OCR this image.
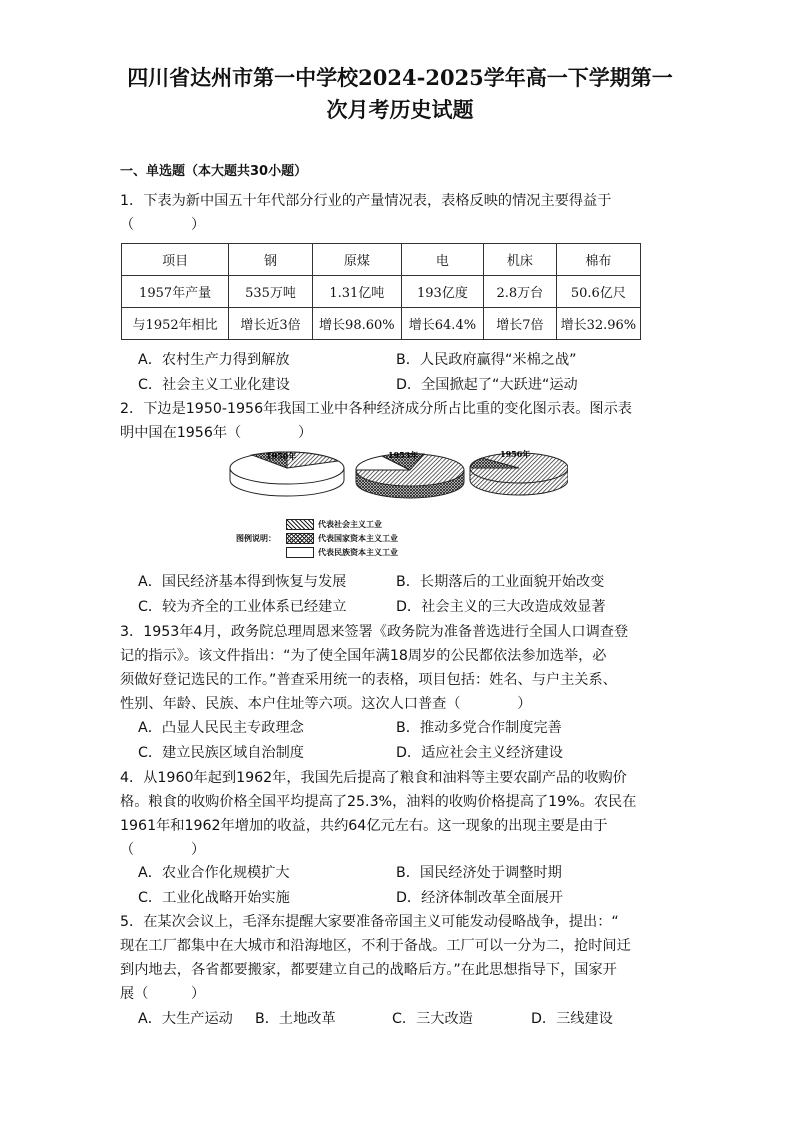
四川省达州市第一中学校2024-2025学年高一下学期第一
次月考历史试题
一、单选题（本大题共30小题）
1．下表为新中国五十年代部分行业的产量情况表，表格反映的情况主要得益于
（　　　　）
项目	钢	原煤	电	机床	棉布
1957年产量	535万吨	1.31亿吨	193亿度	2.8万台	50.6亿尺
与1952年相比	增长近3倍	增长98.60%	增长64.4%	增长7倍	增长32.96%
A．农村生产力得到解放	B．人民政府赢得“米棉之战”
C．社会主义工业化建设	D．全国掀起了“大跃进“运动
2．下边是1950-1956年我国工业中各种经济成分所占比重的变化图示表。图示表
明中国在1956年（　　　　）
1950年	1953年	1956年
代表社会主义工业
图例说明：	代表国家资本主义工业
代表民族资本主义工业
A．国民经济基本得到恢复与发展	B．长期落后的工业面貌开始改变
C．较为齐全的工业体系已经建立	D．社会主义的三大改造成效显著
3．1953年4月，政务院总理周恩来签署《政务院为准备普选进行全国人口调查登
记的指示》。该文件指出：“为了使全国年满18周岁的公民都依法参加选举，必
须做好登记选民的工作。”普查采用统一的表格，项目包括：姓名、与户主关系、
性别、年龄、民族、本户住址等六项。这次人口普查（　　　　）
A．凸显人民民主专政理念	B．推动多党合作制度完善
C．建立民族区域自治制度	D．适应社会主义经济建设
4．从1960年起到1962年，我国先后提高了粮食和油料等主要农副产品的收购价
格。粮食的收购价格全国平均提高了25.3%，油料的收购价格提高了19%。农民在
1961年和1962年增加的收益，共约64亿元左右。这一现象的出现主要是由于
（　　　　）
A．农业合作化规模扩大	B．国民经济处于调整时期
C．工业化战略开始实施	D．经济体制改革全面展开
5．在某次会议上，毛泽东提醒大家要准备帝国主义可能发动侵略战争，提出：“
现在工厂都集中在大城市和沿海地区，不利于备战。工厂可以一分为二，抢时间迁
到内地去，各省都要搬家，都要建立自己的战略后方。”在此思想指导下，国家开
展（　　　）
A．大生产运动	B．土地改革	C．三大改造	D．三线建设
